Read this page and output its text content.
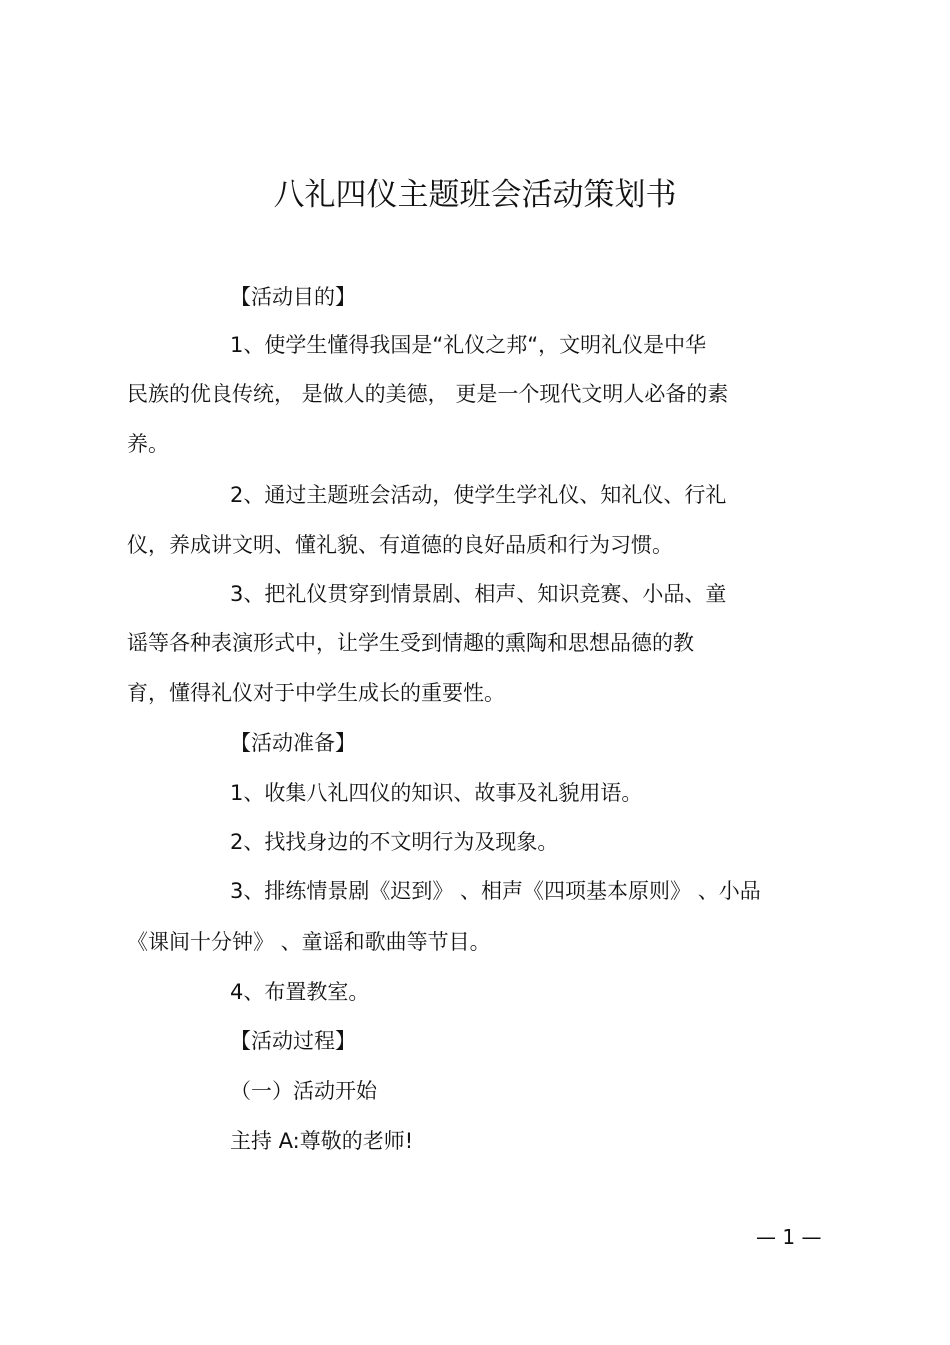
八礼四仪主题班会活动策划书
【活动目的】
1、使学生懂得我国是“礼仪之邦“，文明礼仪是中华
民族的优良传统， 是做人的美德， 更是一个现代文明人必备的素
养。
2、通过主题班会活动，使学生学礼仪、知礼仪、行礼
仪，养成讲文明、懂礼貌、有道德的良好品质和行为习惯。
3、把礼仪贯穿到情景剧、相声、知识竞赛、小品、童
谣等各种表演形式中，让学生受到情趣的熏陶和思想品德的教
育，懂得礼仪对于中学生成长的重要性。
【活动准备】
1、收集八礼四仪的知识、故事及礼貌用语。
2、找找身边的不文明行为及现象。
3、排练情景剧《迟到》 、相声《四项基本原则》 、小品
《课间十分钟》 、童谣和歌曲等节目。
4、布置教室。
【活动过程】
（一）活动开始
主持 A:尊敬的老师!
— 1 —
